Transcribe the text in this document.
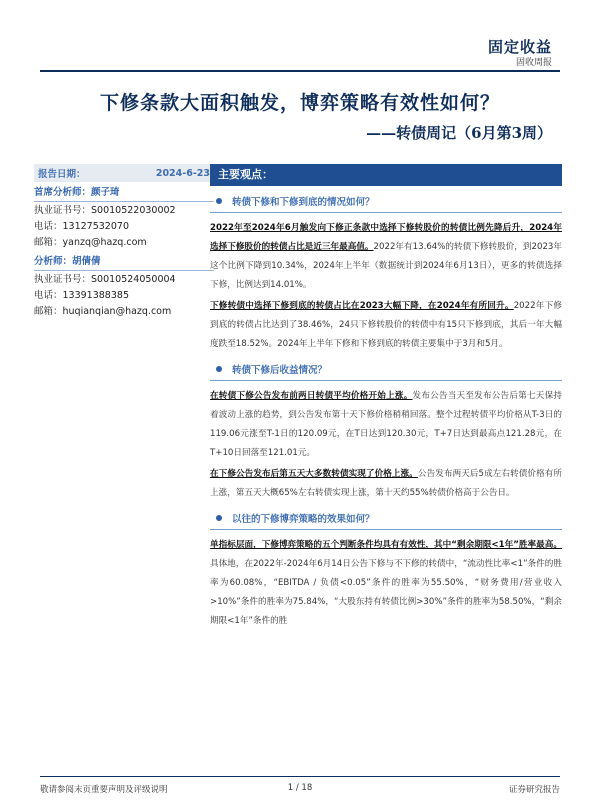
固定收益
固收周报
下修条款大面积触发，博弈策略有效性如何？
——转债周记（6月第3周）
报告日期：	2024-6-23
首席分析师：颜子琦
执业证书号：S0010522030002
电话：13127532070
邮箱：yanzq@hazq.com
分析师：胡倩倩
执业证书号：S0010524050004
电话：13391388385
邮箱：huqianqian@hazq.com
主要观点：
转债下修和下修到底的情况如何？

2022年至2024年6月触发向下修正条款中选择下修转股价的转债比例先降后升，2024年选择下修股价的转债占比是近三年最高值。2022年有13.64%的转债下修转股价，到2023年这个比例下降到10.34%，2024年上半年（数据统计到2024年6月13日），更多的转债选择下修，比例达到14.01%。

下修转债中选择下修到底的转债占比在2023大幅下降，在2024年有所回升。2022年下修到底的转债占比达到了38.46%，24只下修转股价的转债中有15只下修到底，其后一年大幅度跌至18.52%。2024年上半年下修和下修到底的转债主要集中于3月和5月。

转债下修后收益情况？

在转债下修公告发布前两日转债平均价格开始上涨。发布公告当天至发布公告后第七天保持着波动上涨的趋势，到公告发布第十天下修价格稍稍回落。整个过程转债平均价格从T-3日的119.06元涨至T-1日的120.09元，在T日达到120.30元，T+7日达到最高点121.28元，在T+10日回落至121.01元。

在下修公告发布后第五天大多数转债实现了价格上涨。公告发布两天后5成左右转债价格有所上涨，第五天大概65%左右转债实现上涨，第十天约55%转债价格高于公告日。

以往的下修博弈策略的效果如何？

单指标层面，下修博弈策略的五个判断条件均具有有效性，其中“剩余期限<1年”胜率最高。具体地，在2022年-2024年6月14日公告下修与不下修的转债中，“流动性比率<1”条件的胜率为60.08%，“EBITDA / 负债<0.05”条件的胜率为55.50%，“财务费用/营业收入>10%”条件的胜率为75.84%，“大股东持有转债比例>30%”条件的胜率为58.50%，“剩余期限<1年”条件的胜

敬请参阅末页重要声明及评级说明	1 / 18	证券研究报告
